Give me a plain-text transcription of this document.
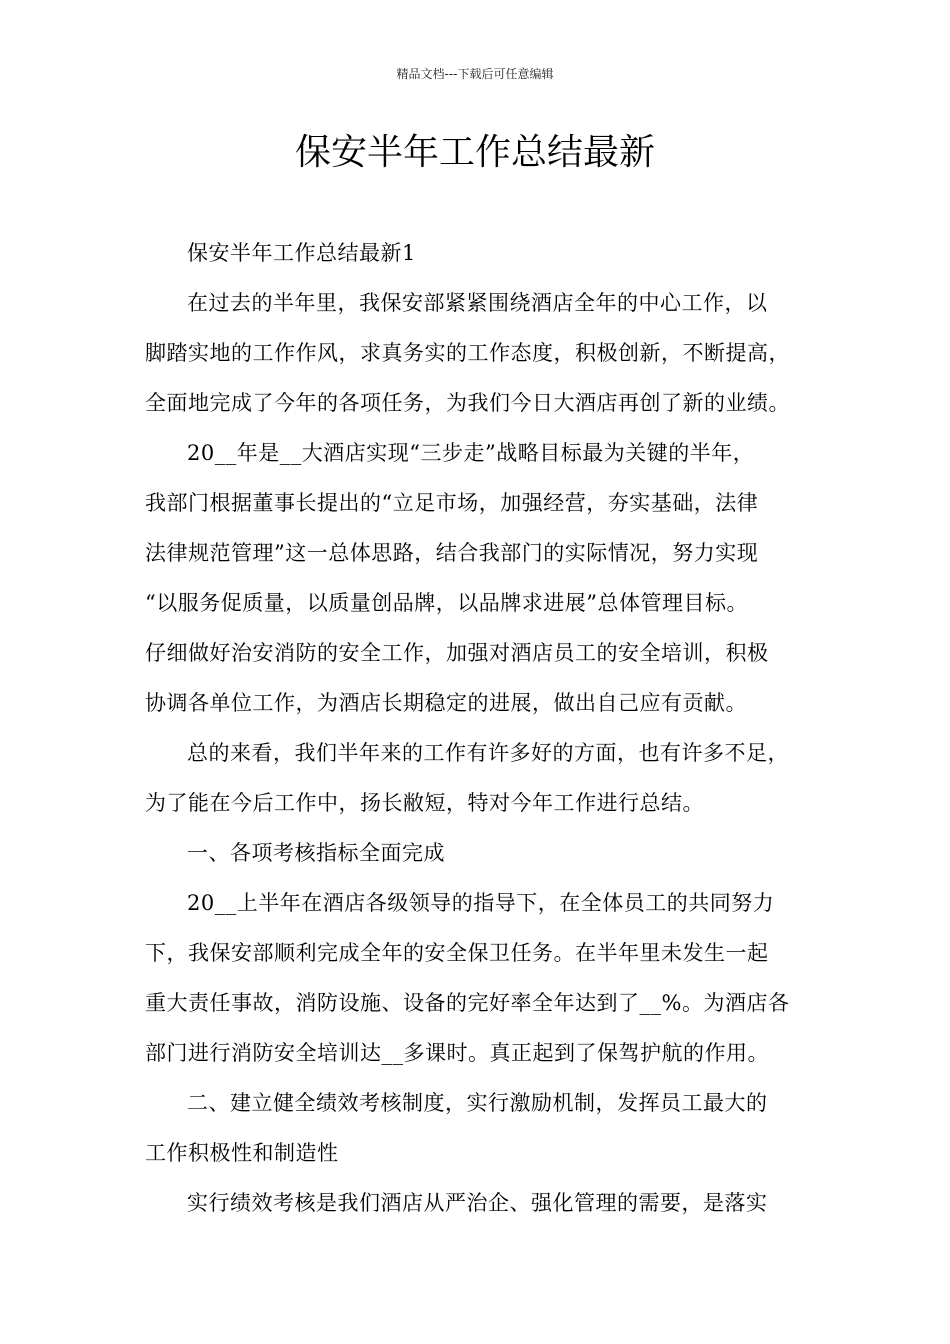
精品文档---下载后可任意编辑
保安半年工作总结最新

保安半年工作总结最新1

在过去的半年里，我保安部紧紧围绕酒店全年的中心工作，以
脚踏实地的工作作风，求真务实的工作态度，积极创新，不断提高，
全面地完成了今年的各项任务，为我们今日大酒店再创了新的业绩。

20__年是__大酒店实现“三步走”战略目标最为关键的半年，
我部门根据董事长提出的“立足市场，加强经营，夯实基础，法律
法律规范管理”这一总体思路，结合我部门的实际情况，努力实现
“以服务促质量，以质量创品牌，以品牌求进展”总体管理目标。
仔细做好治安消防的安全工作，加强对酒店员工的安全培训，积极
协调各单位工作，为酒店长期稳定的进展，做出自己应有贡献。

总的来看，我们半年来的工作有许多好的方面，也有许多不足，
为了能在今后工作中，扬长敝短，特对今年工作进行总结。

一、各项考核指标全面完成

20__上半年在酒店各级领导的指导下，在全体员工的共同努力
下，我保安部顺利完成全年的安全保卫任务。在半年里未发生一起
重大责任事故，消防设施、设备的完好率全年达到了__%。为酒店各
部门进行消防安全培训达__多课时。真正起到了保驾护航的作用。

二、建立健全绩效考核制度，实行激励机制，发挥员工最大的
工作积极性和制造性

实行绩效考核是我们酒店从严治企、强化管理的需要，是落实
